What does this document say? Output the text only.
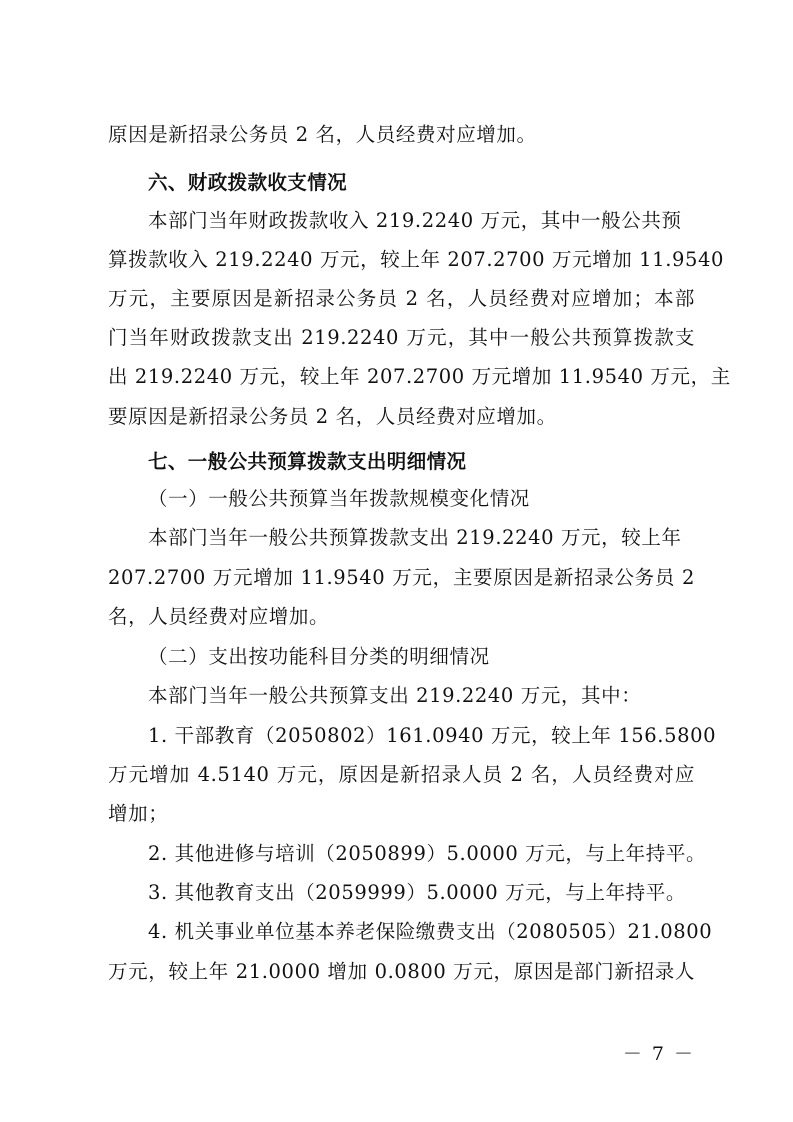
原因是新招录公务员 2 名，人员经费对应增加。
六、财政拨款收支情况
本部门当年财政拨款收入 219.2240 万元，其中一般公共预
算拨款收入 219.2240 万元，较上年 207.2700 万元增加 11.9540
万元，主要原因是新招录公务员 2 名，人员经费对应增加；本部
门当年财政拨款支出 219.2240 万元，其中一般公共预算拨款支
出 219.2240 万元，较上年 207.2700 万元增加 11.9540 万元，主
要原因是新招录公务员 2 名，人员经费对应增加。
七、一般公共预算拨款支出明细情况
（一）一般公共预算当年拨款规模变化情况
本部门当年一般公共预算拨款支出 219.2240 万元，较上年
207.2700 万元增加 11.9540 万元，主要原因是新招录公务员 2
名，人员经费对应增加。
（二）支出按功能科目分类的明细情况
本部门当年一般公共预算支出 219.2240 万元，其中：
1. 干部教育（2050802）161.0940 万元，较上年 156.5800
万元增加 4.5140 万元，原因是新招录人员 2 名，人员经费对应
增加；
2. 其他进修与培训（2050899）5.0000 万元，与上年持平。
3. 其他教育支出（2059999）5.0000 万元，与上年持平。
4. 机关事业单位基本养老保险缴费支出（2080505）21.0800
万元，较上年 21.0000 增加 0.0800 万元，原因是部门新招录人
－ 7 －
